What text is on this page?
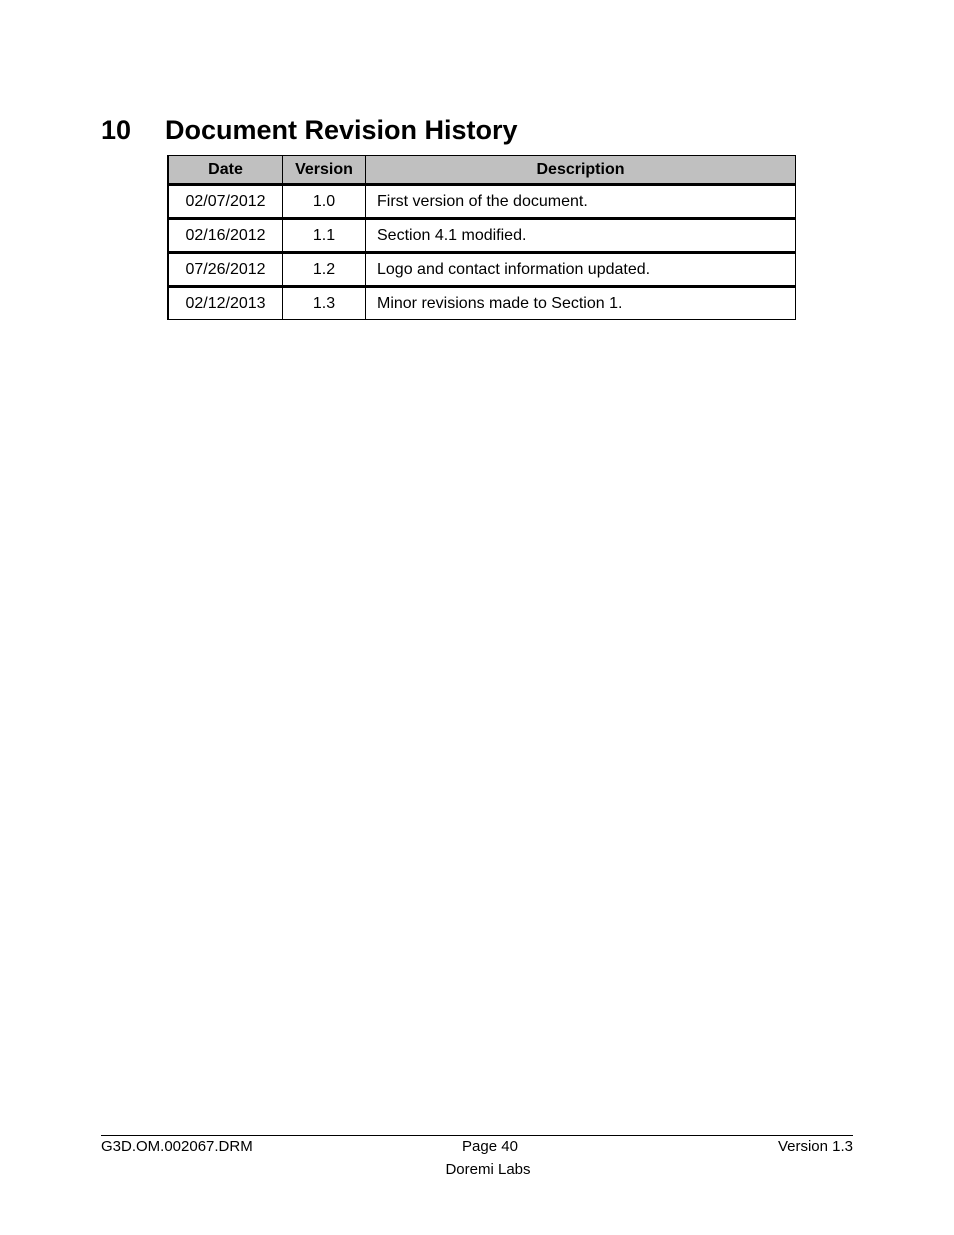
10	Document Revision History
Date	Version	Description
02/07/2012	1.0	First version of the document.
02/16/2012	1.1	Section 4.1 modified.
07/26/2012	1.2	Logo and contact information updated.
02/12/2013	1.3	Minor revisions made to Section 1.
G3D.OM.002067.DRM	Page 40	Version 1.3
Doremi Labs
